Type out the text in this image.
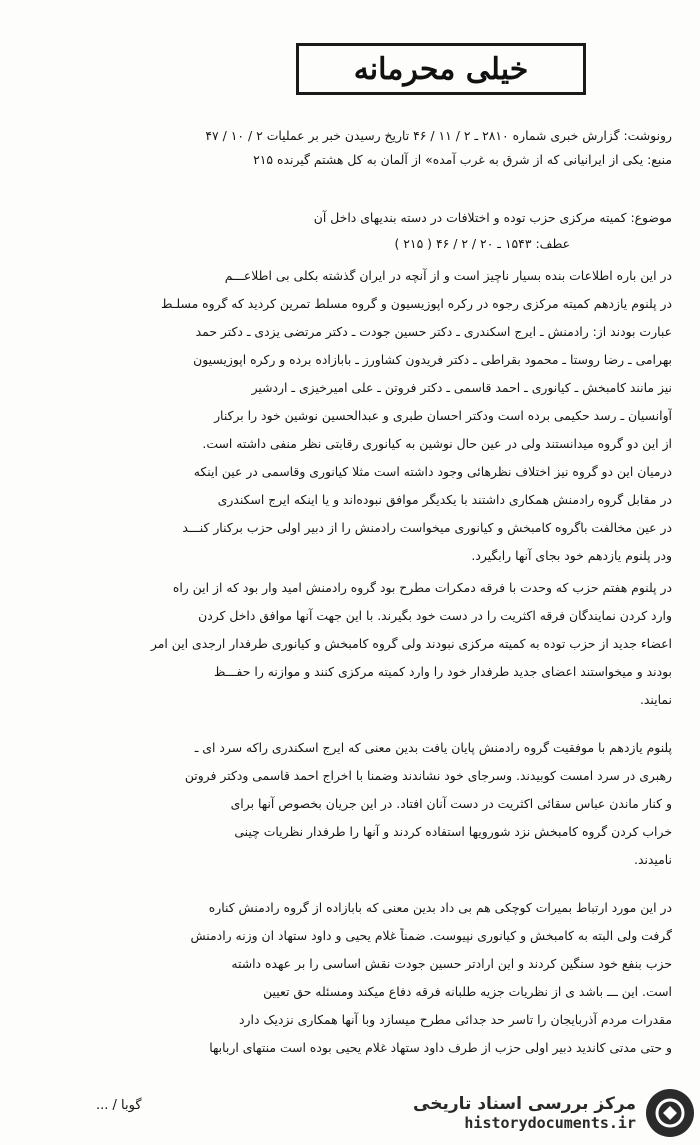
خیلی محرمانه
رونوشت: گزارش خبری شماره ۲۸۱۰ ـ ۲ / ۱۱ / ۴۶ تاریخ رسیدن خبر بر عملیات ۲ / ۱۰ / ۴۷
منبع: یکی از ایرانیانی که از شرق به غرب آمده» از آلمان به کل هشتم گیرنده ۲۱۵
موضوع: کمیته مرکزی حزب توده و اختلافات در دسته بندیهای داخل آن
عطف: ۱۵۴۳ ـ ۲۰ / ۲ / ۴۶ ( ۲۱۵ )
در این باره اطلاعات بنده بسیار ناچیز است و از آنچه در ایران گذشته بکلی بی اطلاعـــم
در پلنوم یازدهم کمیته مرکزی رجوه در رکره اپوزیسیون و گروه مسلط تمرین کردید که گروه مسلـط
عبارت بودند از: رادمنش ـ ایرج اسکندری ـ دکتر حسین جودت ـ دکتر مرتضی یزدی ـ دکتر حمد
بهرامی ـ رضا روستا ـ محمود بقراطی ـ دکتر فریدون کشاورز ـ بابازاده برده و رکره اپوزیسیون
نیز مانند کامبخش ـ کیانوری ـ احمد قاسمی ـ دکتر فروتن ـ علی امیرخیزی ـ اردشیر
آوانسیان ـ رسد حکیمی برده است ودکتر احسان طبری و عبدالحسین نوشین خود را برکنار
از این دو گروه میدانستند ولی در عین حال نوشین به کیانوری رقابتی نظر منفی داشته است.
درمیان این دو گروه نیز اختلاف نظرهائی وجود داشته است مثلا کیانوری وقاسمی در عین اینکه
در مقابل گروه رادمنش همکاری داشتند با یکدیگر موافق نبوده‌اند و یا اینکه ایرج اسکندری
در عین مخالفت باگروه کامبخش و کیانوری میخواست رادمنش را از دبیر اولی حزب برکنار کنـــد
ودر پلنوم یازدهم خود بجای آنها رابگیرد.
در پلنوم هفتم حزب که وحدت با فرقه دمکرات مطرح بود گروه رادمنش امید وار بود که از این راه
وارد کردن نمایندگان فرقه اکثریت را در دست خود بگیرند. با این جهت آنها موافق داخل کردن
اعضاء جدید از حزب توده به کمیته مرکزی نبودند ولی گروه کامبخش و کیانوری طرفدار ارجدی این امر
بودند و میخواستند اعضای جدید طرفدار خود را وارد کمیته مرکزی کنند و موازنه را حفـــظ
نمایند.
پلنوم یازدهم با موفقیت گروه رادمنش پایان یافت بدین معنی که ایرج اسکندری راکه سرد ای ـ
رهبری در سرد امست کوبیدند. وسرجای خود نشاندند وضمنا با اخراج احمد قاسمی ودکتر فروتن
و کنار ماندن عباس سقائی اکثریت در دست آنان افتاد. در این جریان بخصوص آنها برای
خراب کردن گروه کامبخش نزد شورویها استفاده کردند و آنها را طرفدار نظریات چینی
نامیدند.
در این مورد ارتباط بمیرات کوچکی هم بی داد بدین معنی که بابازاده از گروه رادمنش کناره
گرفت ولی البته به کامبخش و کیانوری نپیوست. ضمناً غلام یحیی و داود ستهاد ان وزنه رادمنش
حزب بنفع خود سنگین کردند و این ارادتر حسین جودت نقش اساسی را بر عهده داشته
است. این ـــ باشد ی از نظریات جزیه طلبانه فرقه دفاع میکند ومسئله حق تعیین
مقدرات مردم آذربایجان را تاسر حد جدائی مطرح میسازد وبا آنها همکاری نزدیک دارد
و حتی مدتی کاندید دبیر اولی حزب از طرف داود ستهاد غلام یحیی بوده است منتهای اربابها
گوبا / ...	مرکز بررسی اسناد تاریخی
historydocuments.ir
